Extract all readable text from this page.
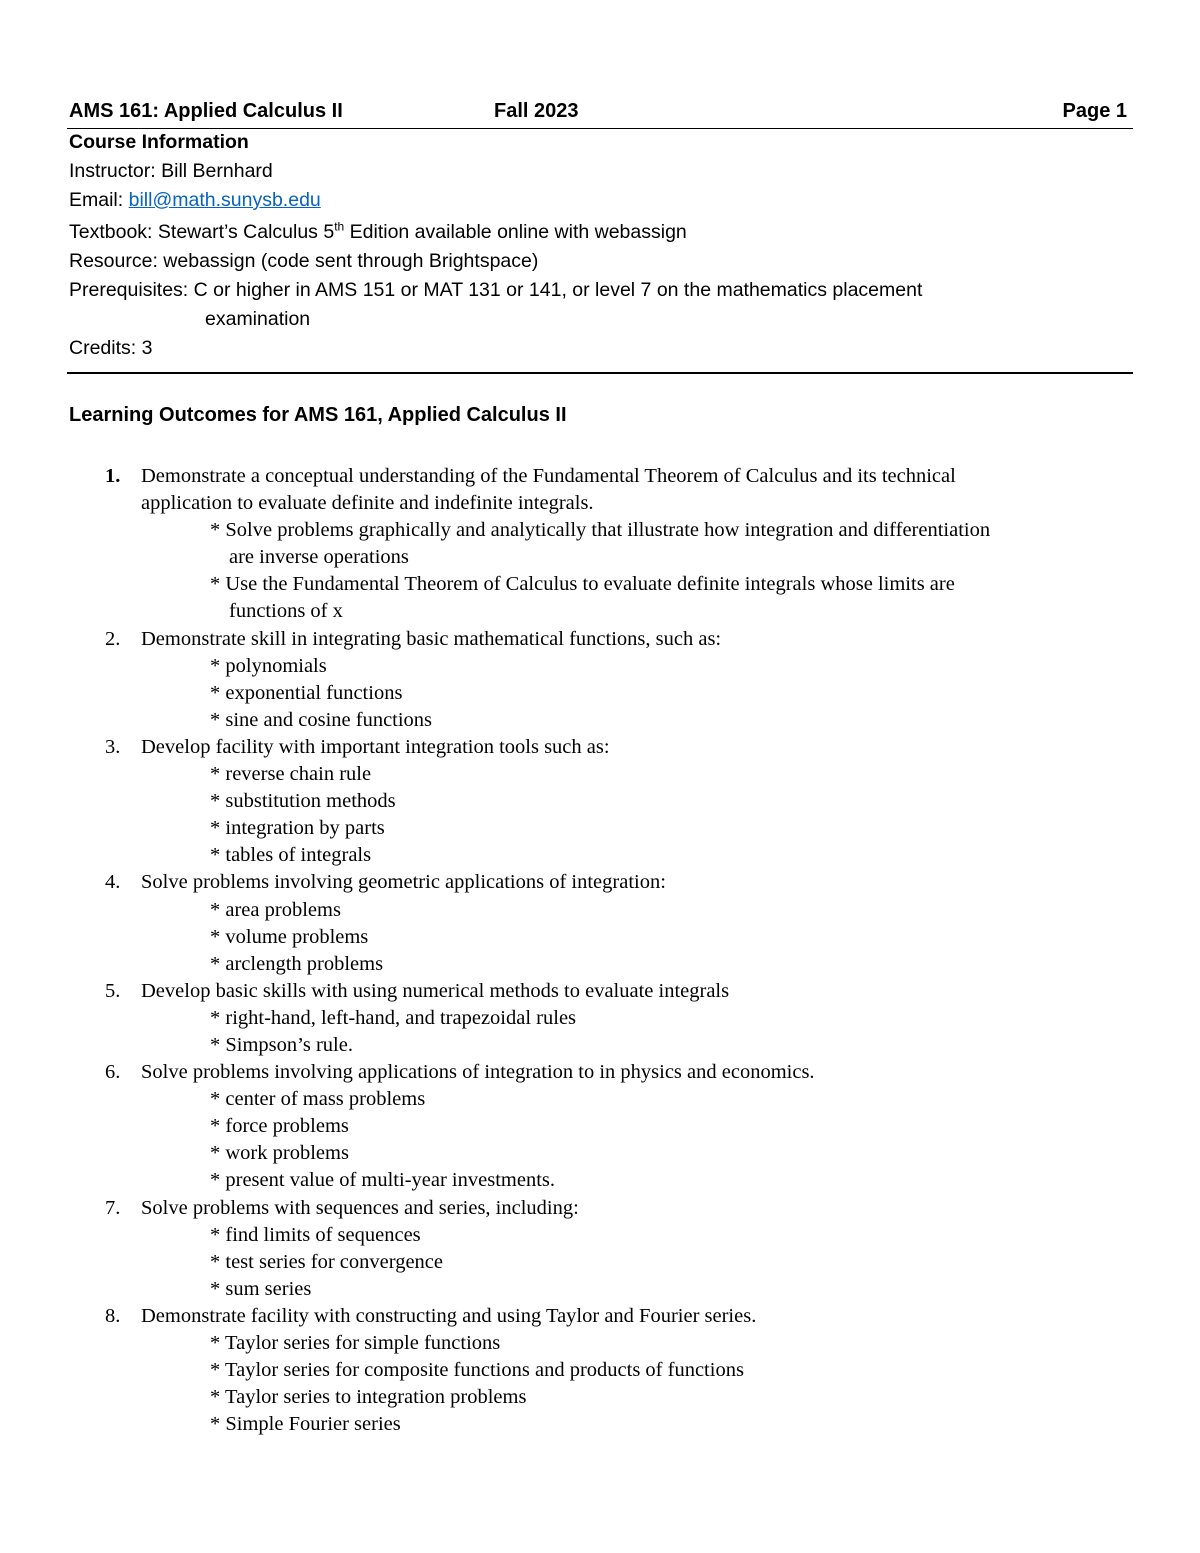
AMS 161: Applied Calculus II	Fall 2023	Page 1
Course Information
Instructor: Bill Bernhard
Email: bill@math.sunysb.edu
Textbook: Stewart’s Calculus 5th Edition available online with webassign
Resource: webassign (code sent through Brightspace)
Prerequisites: C or higher in AMS 151 or MAT 131 or 141, or level 7 on the mathematics placement
examination
Credits: 3
Learning Outcomes for AMS 161, Applied Calculus II
1. Demonstrate a conceptual understanding of the Fundamental Theorem of Calculus and its technical
application to evaluate definite and indefinite integrals.
* Solve problems graphically and analytically that illustrate how integration and differentiation
are inverse operations
* Use the Fundamental Theorem of Calculus to evaluate definite integrals whose limits are
functions of x
2. Demonstrate skill in integrating basic mathematical functions, such as:
* polynomials
* exponential functions
* sine and cosine functions
3. Develop facility with important integration tools such as:
* reverse chain rule
* substitution methods
* integration by parts
* tables of integrals
4. Solve problems involving geometric applications of integration:
* area problems
* volume problems
* arclength problems
5. Develop basic skills with using numerical methods to evaluate integrals
* right-hand, left-hand, and trapezoidal rules
* Simpson’s rule.
6. Solve problems involving applications of integration to in physics and economics.
* center of mass problems
* force problems
* work problems
* present value of multi-year investments.
7. Solve problems with sequences and series, including:
* find limits of sequences
* test series for convergence
* sum series
8. Demonstrate facility with constructing and using Taylor and Fourier series.
* Taylor series for simple functions
* Taylor series for composite functions and products of functions
* Taylor series to integration problems
* Simple Fourier series
